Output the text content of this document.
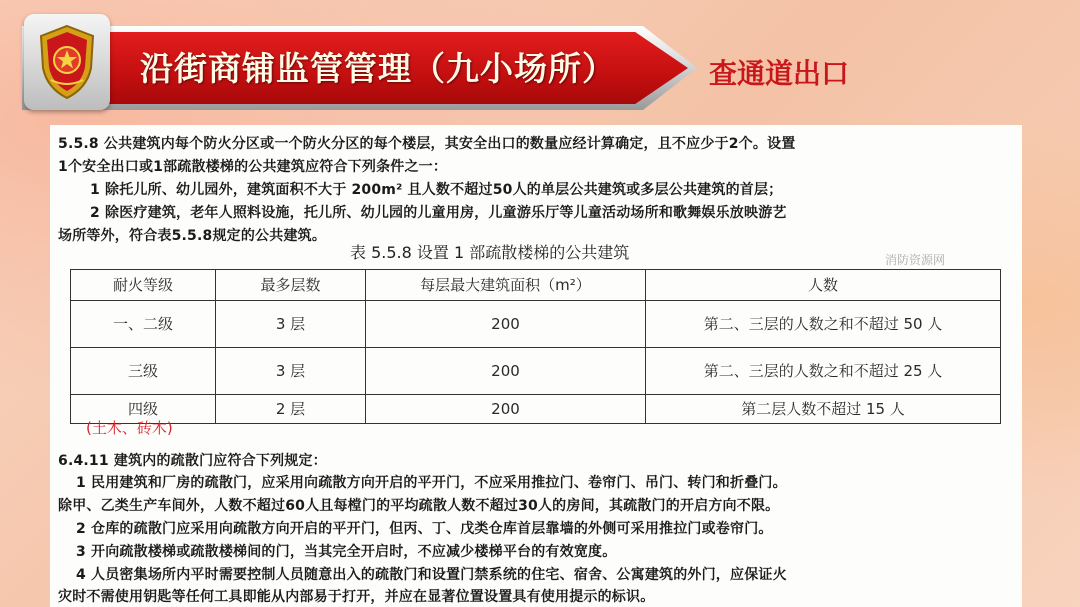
沿街商铺监管管理（九小场所）	查通道出口
5.5.8 公共建筑内每个防火分区或一个防火分区的每个楼层，其安全出口的数量应经计算确定，且不应少于2个。设置
1个安全出口或1部疏散楼梯的公共建筑应符合下列条件之一：
1 除托儿所、幼儿园外，建筑面积不大于 200m² 且人数不超过50人的单层公共建筑或多层公共建筑的首层；
2 除医疗建筑，老年人照料设施，托儿所、幼儿园的儿童用房，儿童游乐厅等儿童活动场所和歌舞娱乐放映游艺
场所等外，符合表5.5.8规定的公共建筑。
表 5.5.8 设置 1 部疏散楼梯的公共建筑	消防资源网
耐火等级	最多层数	每层最大建筑面积（m²）	人数
一、二级	3 层	200	第二、三层的人数之和不超过 50 人
三级	3 层	200	第二、三层的人数之和不超过 25 人
四级	2 层	200	第二层人数不超过 15 人
(土木、砖木)
6.4.11 建筑内的疏散门应符合下列规定：
1 民用建筑和厂房的疏散门，应采用向疏散方向开启的平开门，不应采用推拉门、卷帘门、吊门、转门和折叠门。
除甲、乙类生产车间外，人数不超过60人且每樘门的平均疏散人数不超过30人的房间，其疏散门的开启方向不限。
2 仓库的疏散门应采用向疏散方向开启的平开门，但丙、丁、戊类仓库首层靠墙的外侧可采用推拉门或卷帘门。
3 开向疏散楼梯或疏散楼梯间的门，当其完全开启时，不应减少楼梯平台的有效宽度。
4 人员密集场所内平时需要控制人员随意出入的疏散门和设置门禁系统的住宅、宿舍、公寓建筑的外门，应保证火
灾时不需使用钥匙等任何工具即能从内部易于打开，并应在显著位置设置具有使用提示的标识。
